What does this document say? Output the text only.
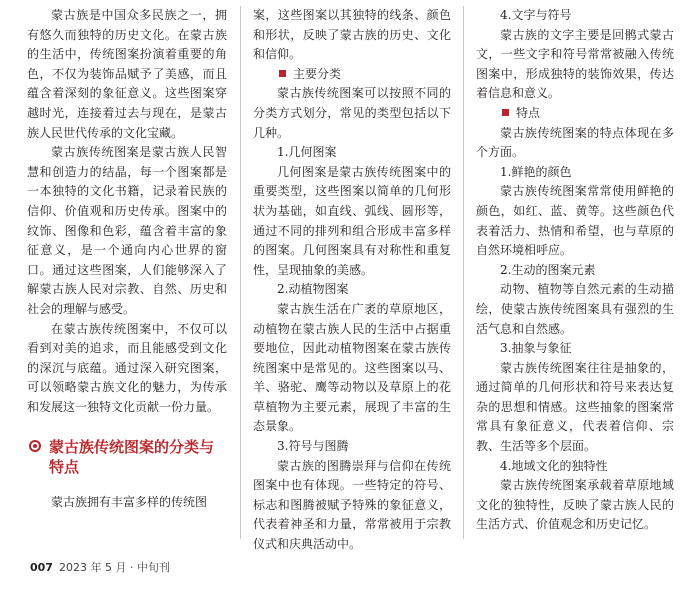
蒙古族是中国众多民族之一，拥有悠久而独特的历史文化。在蒙古族的生活中，传统图案扮演着重要的角色，不仅为装饰品赋予了美感，而且蕴含着深刻的象征意义。这些图案穿越时光，连接着过去与现在，是蒙古族人民世代传承的文化宝藏。

蒙古族传统图案是蒙古族人民智慧和创造力的结晶，每一个图案都是一本独特的文化书籍，记录着民族的信仰、价值观和历史传承。图案中的纹饰、图像和色彩，蕴含着丰富的象征意义，是一个通向内心世界的窗口。通过这些图案，人们能够深入了解蒙古族人民对宗教、自然、历史和社会的理解与感受。

在蒙古族传统图案中，不仅可以看到对美的追求，而且能感受到文化的深沉与底蕴。通过深入研究图案，可以领略蒙古族文化的魅力，为传承和发展这一独特文化贡献一份力量。

蒙古族传统图案的分类与特点

蒙古族拥有丰富多样的传统图

案，这些图案以其独特的线条、颜色和形状，反映了蒙古族的历史、文化和信仰。

主要分类

蒙古族传统图案可以按照不同的分类方式划分，常见的类型包括以下几种。

1.几何图案

几何图案是蒙古族传统图案中的重要类型，这些图案以简单的几何形状为基础，如直线、弧线、圆形等，通过不同的排列和组合形成丰富多样的图案。几何图案具有对称性和重复性，呈现抽象的美感。

2.动植物图案

蒙古族生活在广袤的草原地区，动植物在蒙古族人民的生活中占据重要地位，因此动植物图案在蒙古族传统图案中是常见的。这些图案以马、羊、骆驼、鹰等动物以及草原上的花草植物为主要元素，展现了丰富的生态景象。

3.符号与图腾

蒙古族的图腾崇拜与信仰在传统图案中也有体现。一些特定的符号、标志和图腾被赋予特殊的象征意义，代表着神圣和力量，常常被用于宗教仪式和庆典活动中。

4.文字与符号

蒙古族的文字主要是回鹘式蒙古文，一些文字和符号常常被融入传统图案中，形成独特的装饰效果，传达着信息和意义。

特点

蒙古族传统图案的特点体现在多个方面。

1.鲜艳的颜色

蒙古族传统图案常常使用鲜艳的颜色，如红、蓝、黄等。这些颜色代表着活力、热情和希望，也与草原的自然环境相呼应。

2.生动的图案元素

动物、植物等自然元素的生动描绘，使蒙古族传统图案具有强烈的生活气息和自然感。

3.抽象与象征

蒙古族传统图案往往是抽象的，通过简单的几何形状和符号来表达复杂的思想和情感。这些抽象的图案常常具有象征意义，代表着信仰、宗教、生活等多个层面。

4.地域文化的独特性

蒙古族传统图案承载着草原地域文化的独特性，反映了蒙古族人民的生活方式、价值观念和历史记忆。

007 2023 年 5 月 · 中旬刊
